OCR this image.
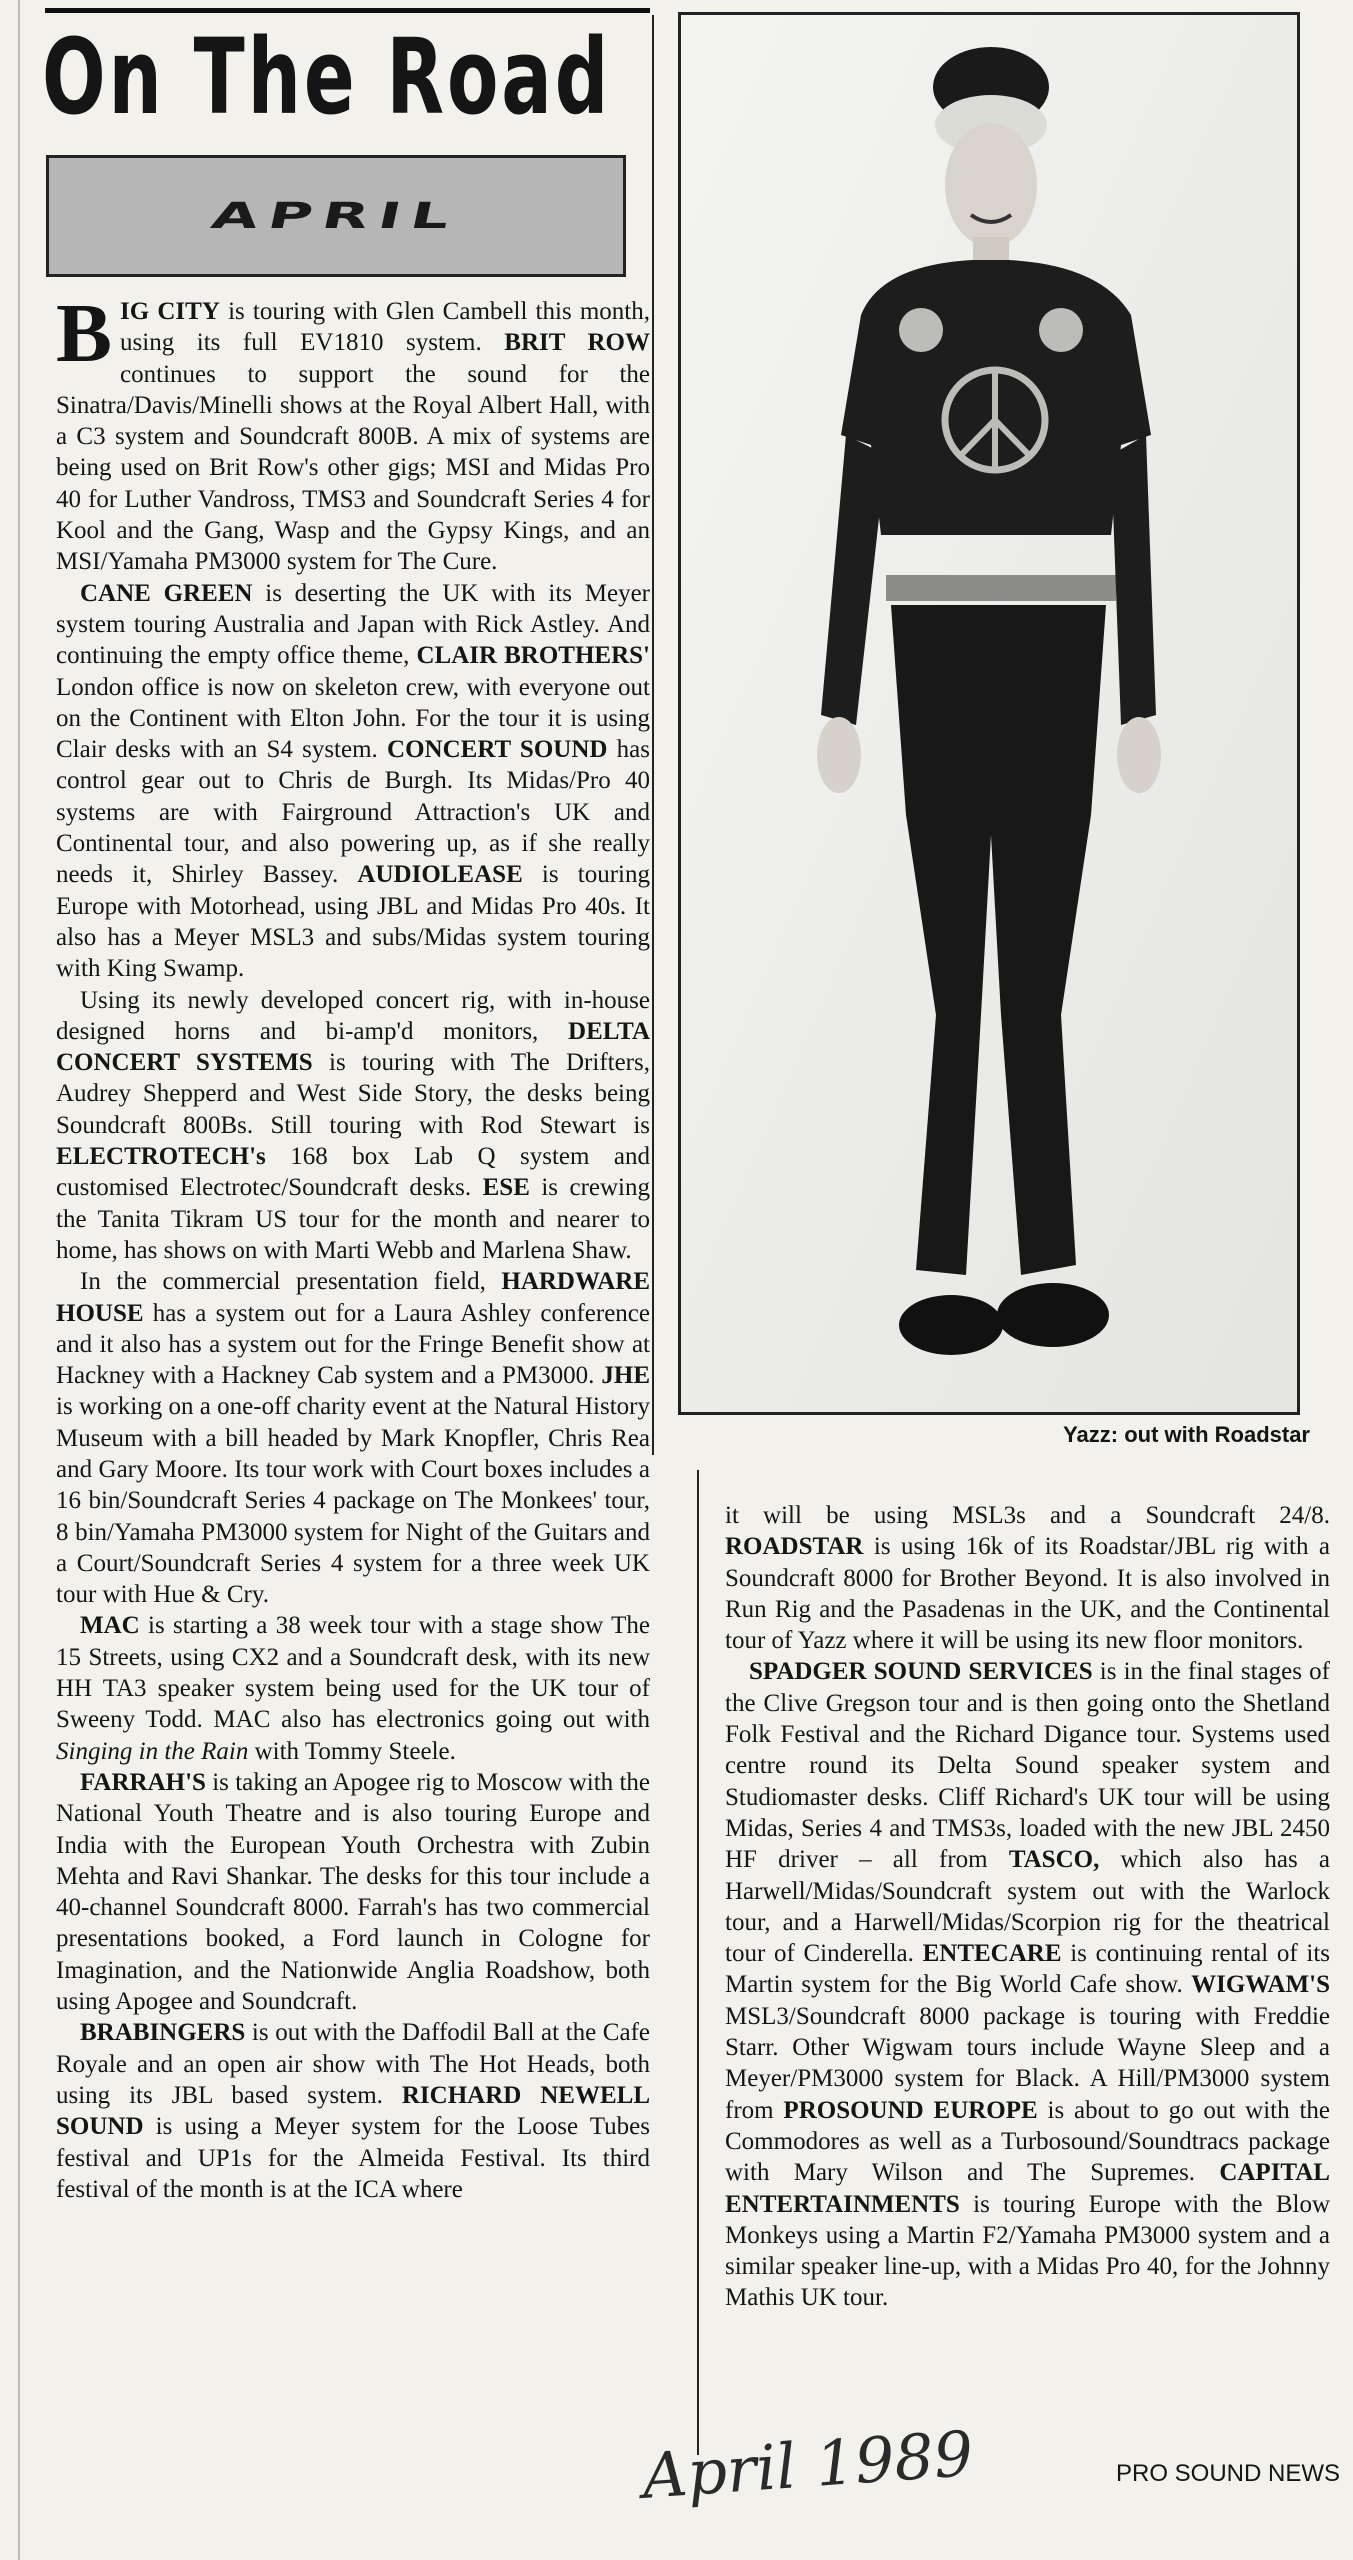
On The Road
APRIL

BIG CITY is touring with Glen Cambell this month, using its full EV1810 system. BRIT ROW continues to support the sound for the Sinatra/Davis/Minelli shows at the Royal Albert Hall, with a C3 system and Soundcraft 800B. A mix of systems are being used on Brit Row's other gigs; MSI and Midas Pro 40 for Luther Vandross, TMS3 and Soundcraft Series 4 for Kool and the Gang, Wasp and the Gypsy Kings, and an MSI/Yamaha PM3000 system for The Cure.

CANE GREEN is deserting the UK with its Meyer system touring Australia and Japan with Rick Astley. And continuing the empty office theme, CLAIR BROTHERS' London office is now on skeleton crew, with everyone out on the Continent with Elton John. For the tour it is using Clair desks with an S4 system. CONCERT SOUND has control gear out to Chris de Burgh. Its Midas/Pro 40 systems are with Fairground Attraction's UK and Continental tour, and also powering up, as if she really needs it, Shirley Bassey. AUDIOLEASE is touring Europe with Motorhead, using JBL and Midas Pro 40s. It also has a Meyer MSL3 and subs/Midas system touring with King Swamp.

Using its newly developed concert rig, with in-house designed horns and bi-amp'd monitors, DELTA CONCERT SYSTEMS is touring with The Drifters, Audrey Shepperd and West Side Story, the desks being Soundcraft 800Bs. Still touring with Rod Stewart is ELECTROTECH's 168 box Lab Q system and customised Electrotec/Soundcraft desks. ESE is crewing the Tanita Tikram US tour for the month and nearer to home, has shows on with Marti Webb and Marlena Shaw.

In the commercial presentation field, HARDWARE HOUSE has a system out for a Laura Ashley conference and it also has a system out for the Fringe Benefit show at Hackney with a Hackney Cab system and a PM3000. JHE is working on a one-off charity event at the Natural History Museum with a bill headed by Mark Knopfler, Chris Rea and Gary Moore. Its tour work with Court boxes includes a 16 bin/Soundcraft Series 4 package on The Monkees' tour, 8 bin/Yamaha PM3000 system for Night of the Guitars and a Court/Soundcraft Series 4 system for a three week UK tour with Hue & Cry.

MAC is starting a 38 week tour with a stage show The 15 Streets, using CX2 and a Soundcraft desk, with its new HH TA3 speaker system being used for the UK tour of Sweeny Todd. MAC also has electronics going out with Singing in the Rain with Tommy Steele.

FARRAH'S is taking an Apogee rig to Moscow with the National Youth Theatre and is also touring Europe and India with the European Youth Orchestra with Zubin Mehta and Ravi Shankar. The desks for this tour include a 40-channel Soundcraft 8000. Farrah's has two commercial presentations booked, a Ford launch in Cologne for Imagination, and the Nationwide Anglia Roadshow, both using Apogee and Soundcraft.

BRABINGERS is out with the Daffodil Ball at the Cafe Royale and an open air show with The Hot Heads, both using its JBL based system. RICHARD NEWELL SOUND is using a Meyer system for the Loose Tubes festival and UP1s for the Almeida Festival. Its third festival of the month is at the ICA where

Yazz: out with Roadstar

it will be using MSL3s and a Soundcraft 24/8. ROADSTAR is using 16k of its Roadstar/JBL rig with a Soundcraft 8000 for Brother Beyond. It is also involved in Run Rig and the Pasadenas in the UK, and the Continental tour of Yazz where it will be using its new floor monitors.

SPADGER SOUND SERVICES is in the final stages of the Clive Gregson tour and is then going onto the Shetland Folk Festival and the Richard Digance tour. Systems used centre round its Delta Sound speaker system and Studiomaster desks. Cliff Richard's UK tour will be using Midas, Series 4 and TMS3s, loaded with the new JBL 2450 HF driver – all from TASCO, which also has a Harwell/Midas/Soundcraft system out with the Warlock tour, and a Harwell/Midas/Scorpion rig for the theatrical tour of Cinderella. ENTECARE is continuing rental of its Martin system for the Big World Cafe show. WIGWAM'S MSL3/Soundcraft 8000 package is touring with Freddie Starr. Other Wigwam tours include Wayne Sleep and a Meyer/PM3000 system for Black. A Hill/PM3000 system from PROSOUND EUROPE is about to go out with the Commodores as well as a Turbosound/Soundtracs package with Mary Wilson and The Supremes. CAPITAL ENTERTAINMENTS is touring Europe with the Blow Monkeys using a Martin F2/Yamaha PM3000 system and a similar speaker line-up, with a Midas Pro 40, for the Johnny Mathis UK tour.

April 1989	PRO SOUND NEWS
